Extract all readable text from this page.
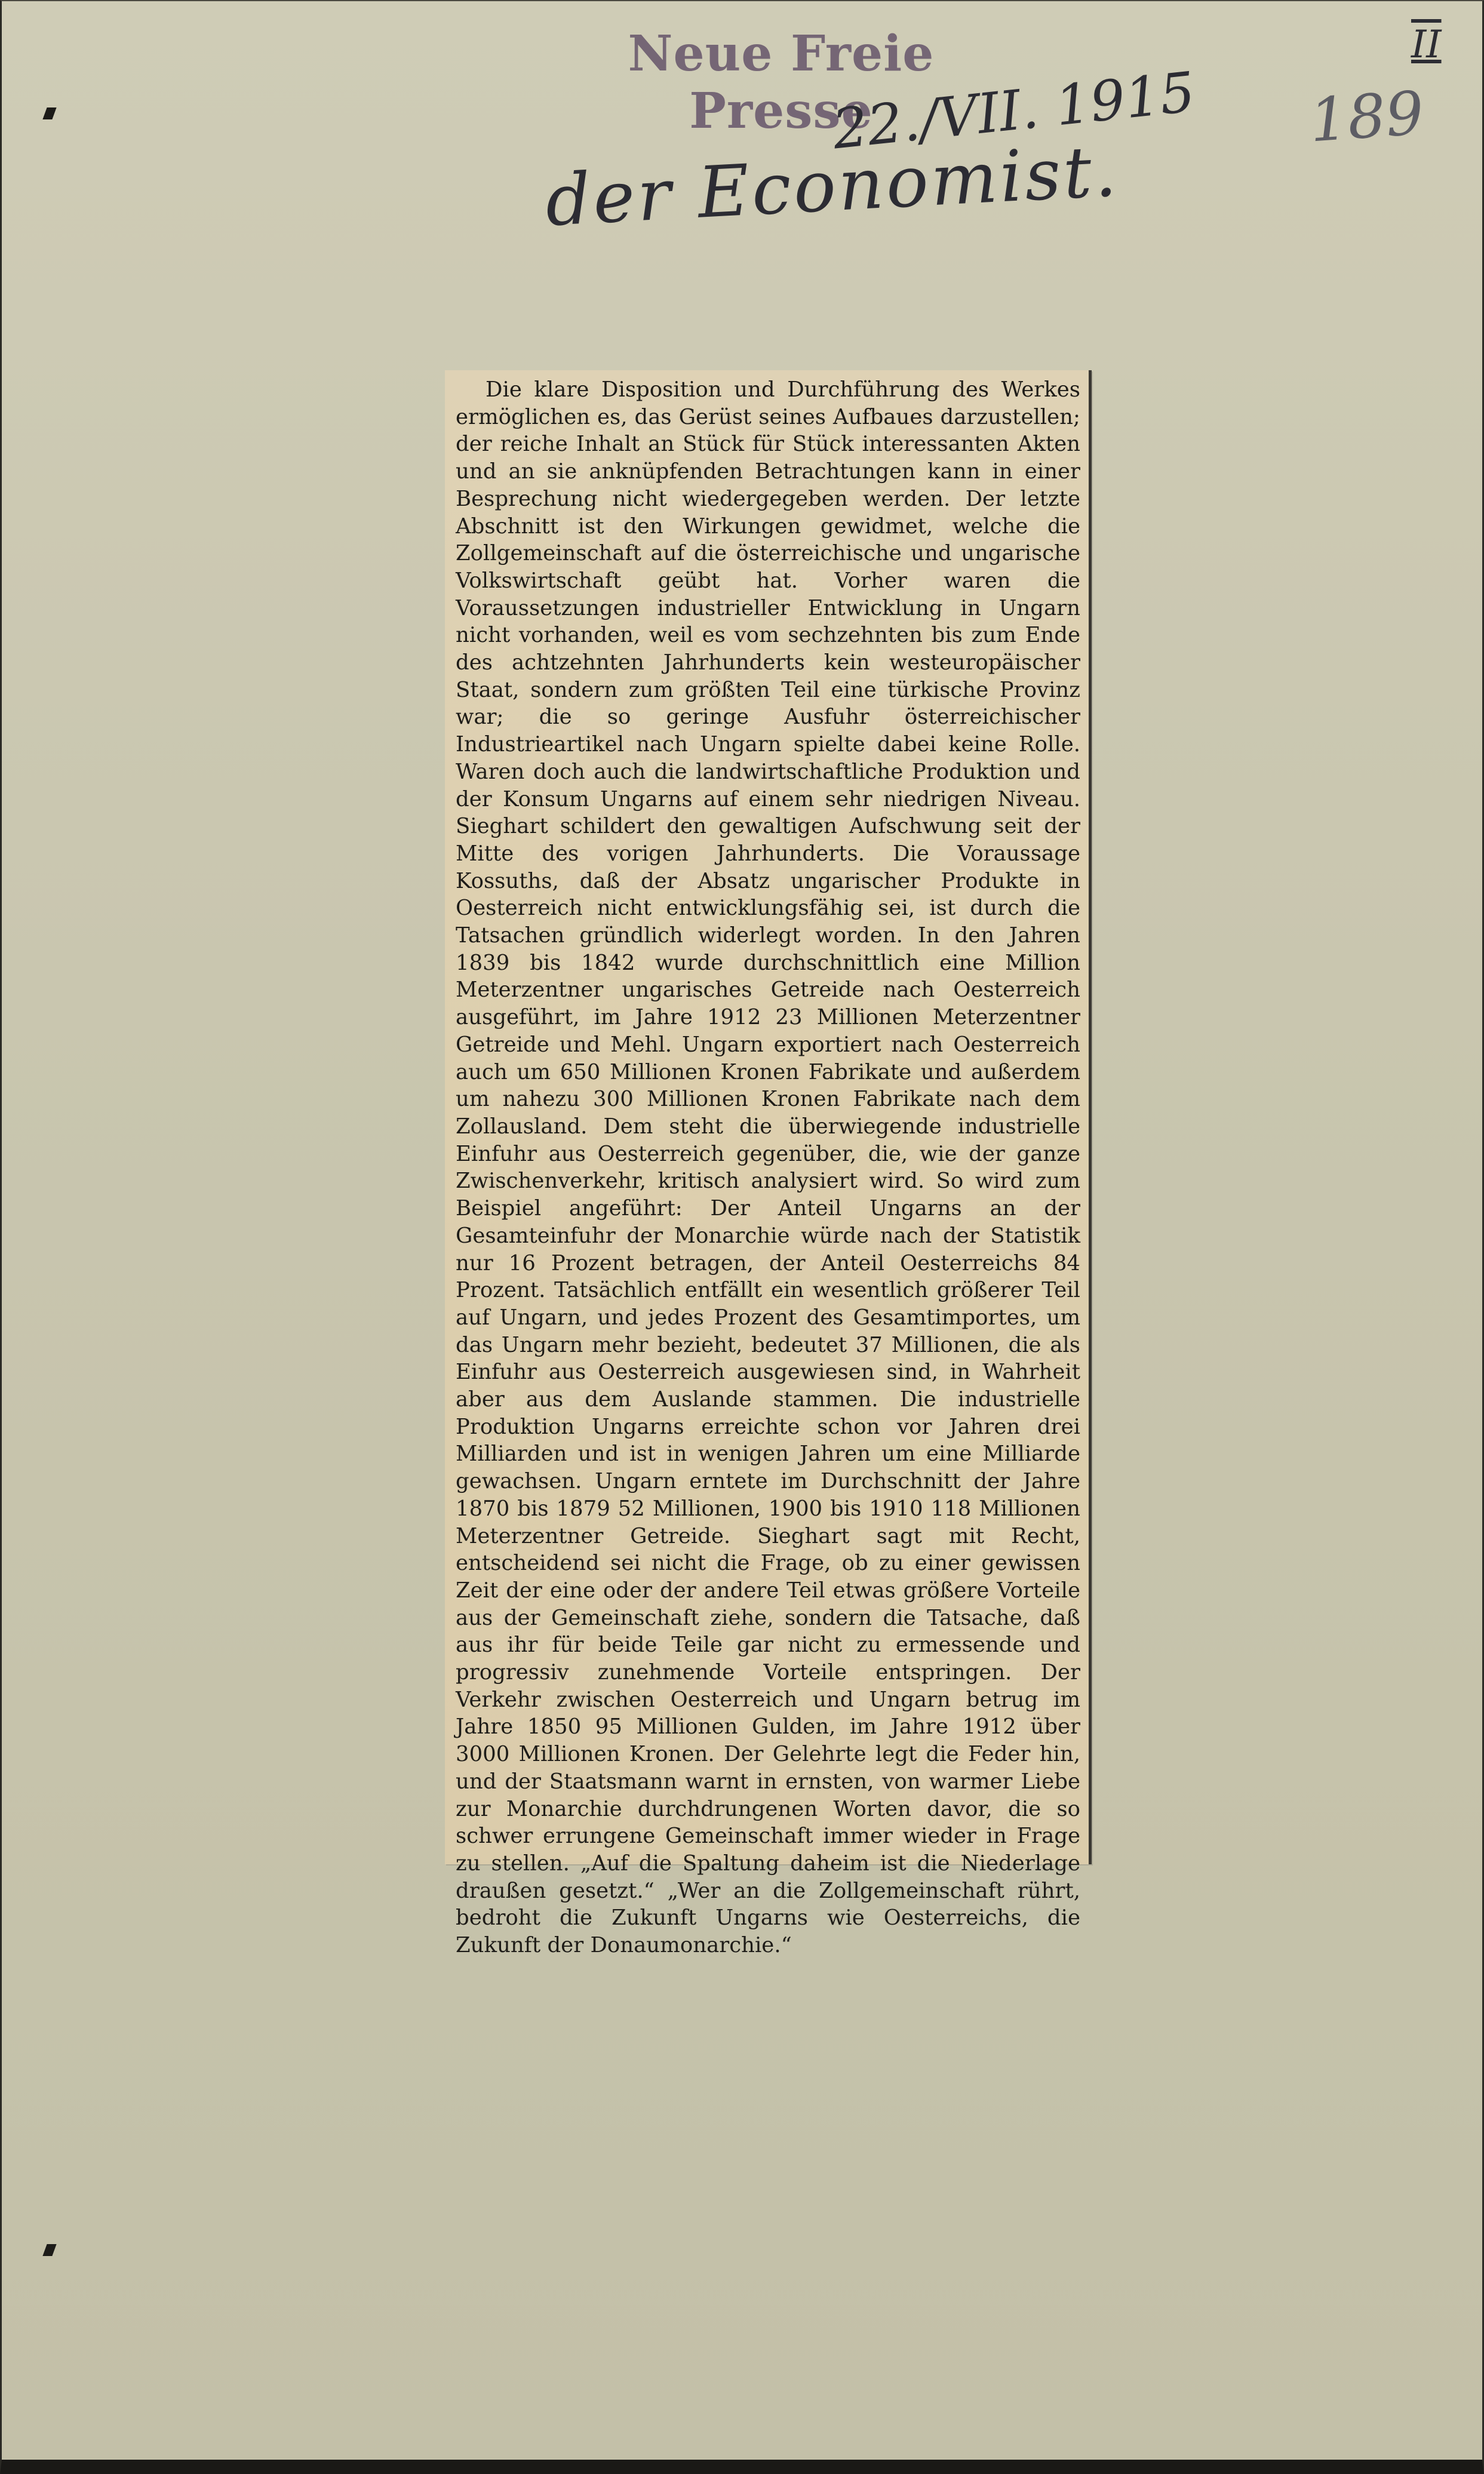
Neue Freie Presse
II
22./VII. 1915 189
der Economist.

Die klare Disposition und Durchführung des Werkes ermöglichen es, das Gerüst seines Aufbaues darzustellen; der reiche Inhalt an Stück für Stück interessanten Akten und an sie anknüpfenden Betrachtungen kann in einer Besprechung nicht wiedergegeben werden. Der letzte Abschnitt ist den Wirkungen gewidmet, welche die Zollgemeinschaft auf die österreichische und ungarische Volkswirtschaft geübt hat. Vorher waren die Voraussetzungen industrieller Entwicklung in Ungarn nicht vorhanden, weil es vom sechzehnten bis zum Ende des achtzehnten Jahrhunderts kein westeuropäischer Staat, sondern zum größten Teil eine türkische Provinz war; die so geringe Ausfuhr österreichischer Industrieartikel nach Ungarn spielte dabei keine Rolle. Waren doch auch die landwirtschaftliche Produktion und der Konsum Ungarns auf einem sehr niedrigen Niveau. Sieghart schildert den gewaltigen Aufschwung seit der Mitte des vorigen Jahrhunderts. Die Voraussage Kossuths, daß der Absatz ungarischer Produkte in Oesterreich nicht entwicklungsfähig sei, ist durch die Tatsachen gründlich widerlegt worden. In den Jahren 1839 bis 1842 wurde durchschnittlich eine Million Meterzentner ungarisches Getreide nach Oesterreich ausgeführt, im Jahre 1912 23 Millionen Meterzentner Getreide und Mehl. Ungarn exportiert nach Oesterreich auch um 650 Millionen Kronen Fabrikate und außerdem um nahezu 300 Millionen Kronen Fabrikate nach dem Zollausland. Dem steht die überwiegende industrielle Einfuhr aus Oesterreich gegenüber, die, wie der ganze Zwischenverkehr, kritisch analysiert wird. So wird zum Beispiel angeführt: Der Anteil Ungarns an der Gesamteinfuhr der Monarchie würde nach der Statistik nur 16 Prozent betragen, der Anteil Oesterreichs 84 Prozent. Tatsächlich entfällt ein wesentlich größerer Teil auf Ungarn, und jedes Prozent des Gesamtimportes, um das Ungarn mehr bezieht, bedeutet 37 Millionen, die als Einfuhr aus Oesterreich ausgewiesen sind, in Wahrheit aber aus dem Auslande stammen. Die industrielle Produktion Ungarns erreichte schon vor Jahren drei Milliarden und ist in wenigen Jahren um eine Milliarde gewachsen. Ungarn erntete im Durchschnitt der Jahre 1870 bis 1879 52 Millionen, 1900 bis 1910 118 Millionen Meterzentner Getreide. Sieghart sagt mit Recht, entscheidend sei nicht die Frage, ob zu einer gewissen Zeit der eine oder der andere Teil etwas größere Vorteile aus der Gemeinschaft ziehe, sondern die Tatsache, daß aus ihr für beide Teile gar nicht zu ermessende und progressiv zunehmende Vorteile entspringen. Der Verkehr zwischen Oesterreich und Ungarn betrug im Jahre 1850 95 Millionen Gulden, im Jahre 1912 über 3000 Millionen Kronen. Der Gelehrte legt die Feder hin, und der Staatsmann warnt in ernsten, von warmer Liebe zur Monarchie durchdrungenen Worten davor, die so schwer errungene Gemeinschaft immer wieder in Frage zu stellen. „Auf die Spaltung daheim ist die Niederlage draußen gesetzt.“ „Wer an die Zollgemeinschaft rührt, bedroht die Zukunft Ungarns wie Oesterreichs, die Zukunft der Donaumonarchie.“
